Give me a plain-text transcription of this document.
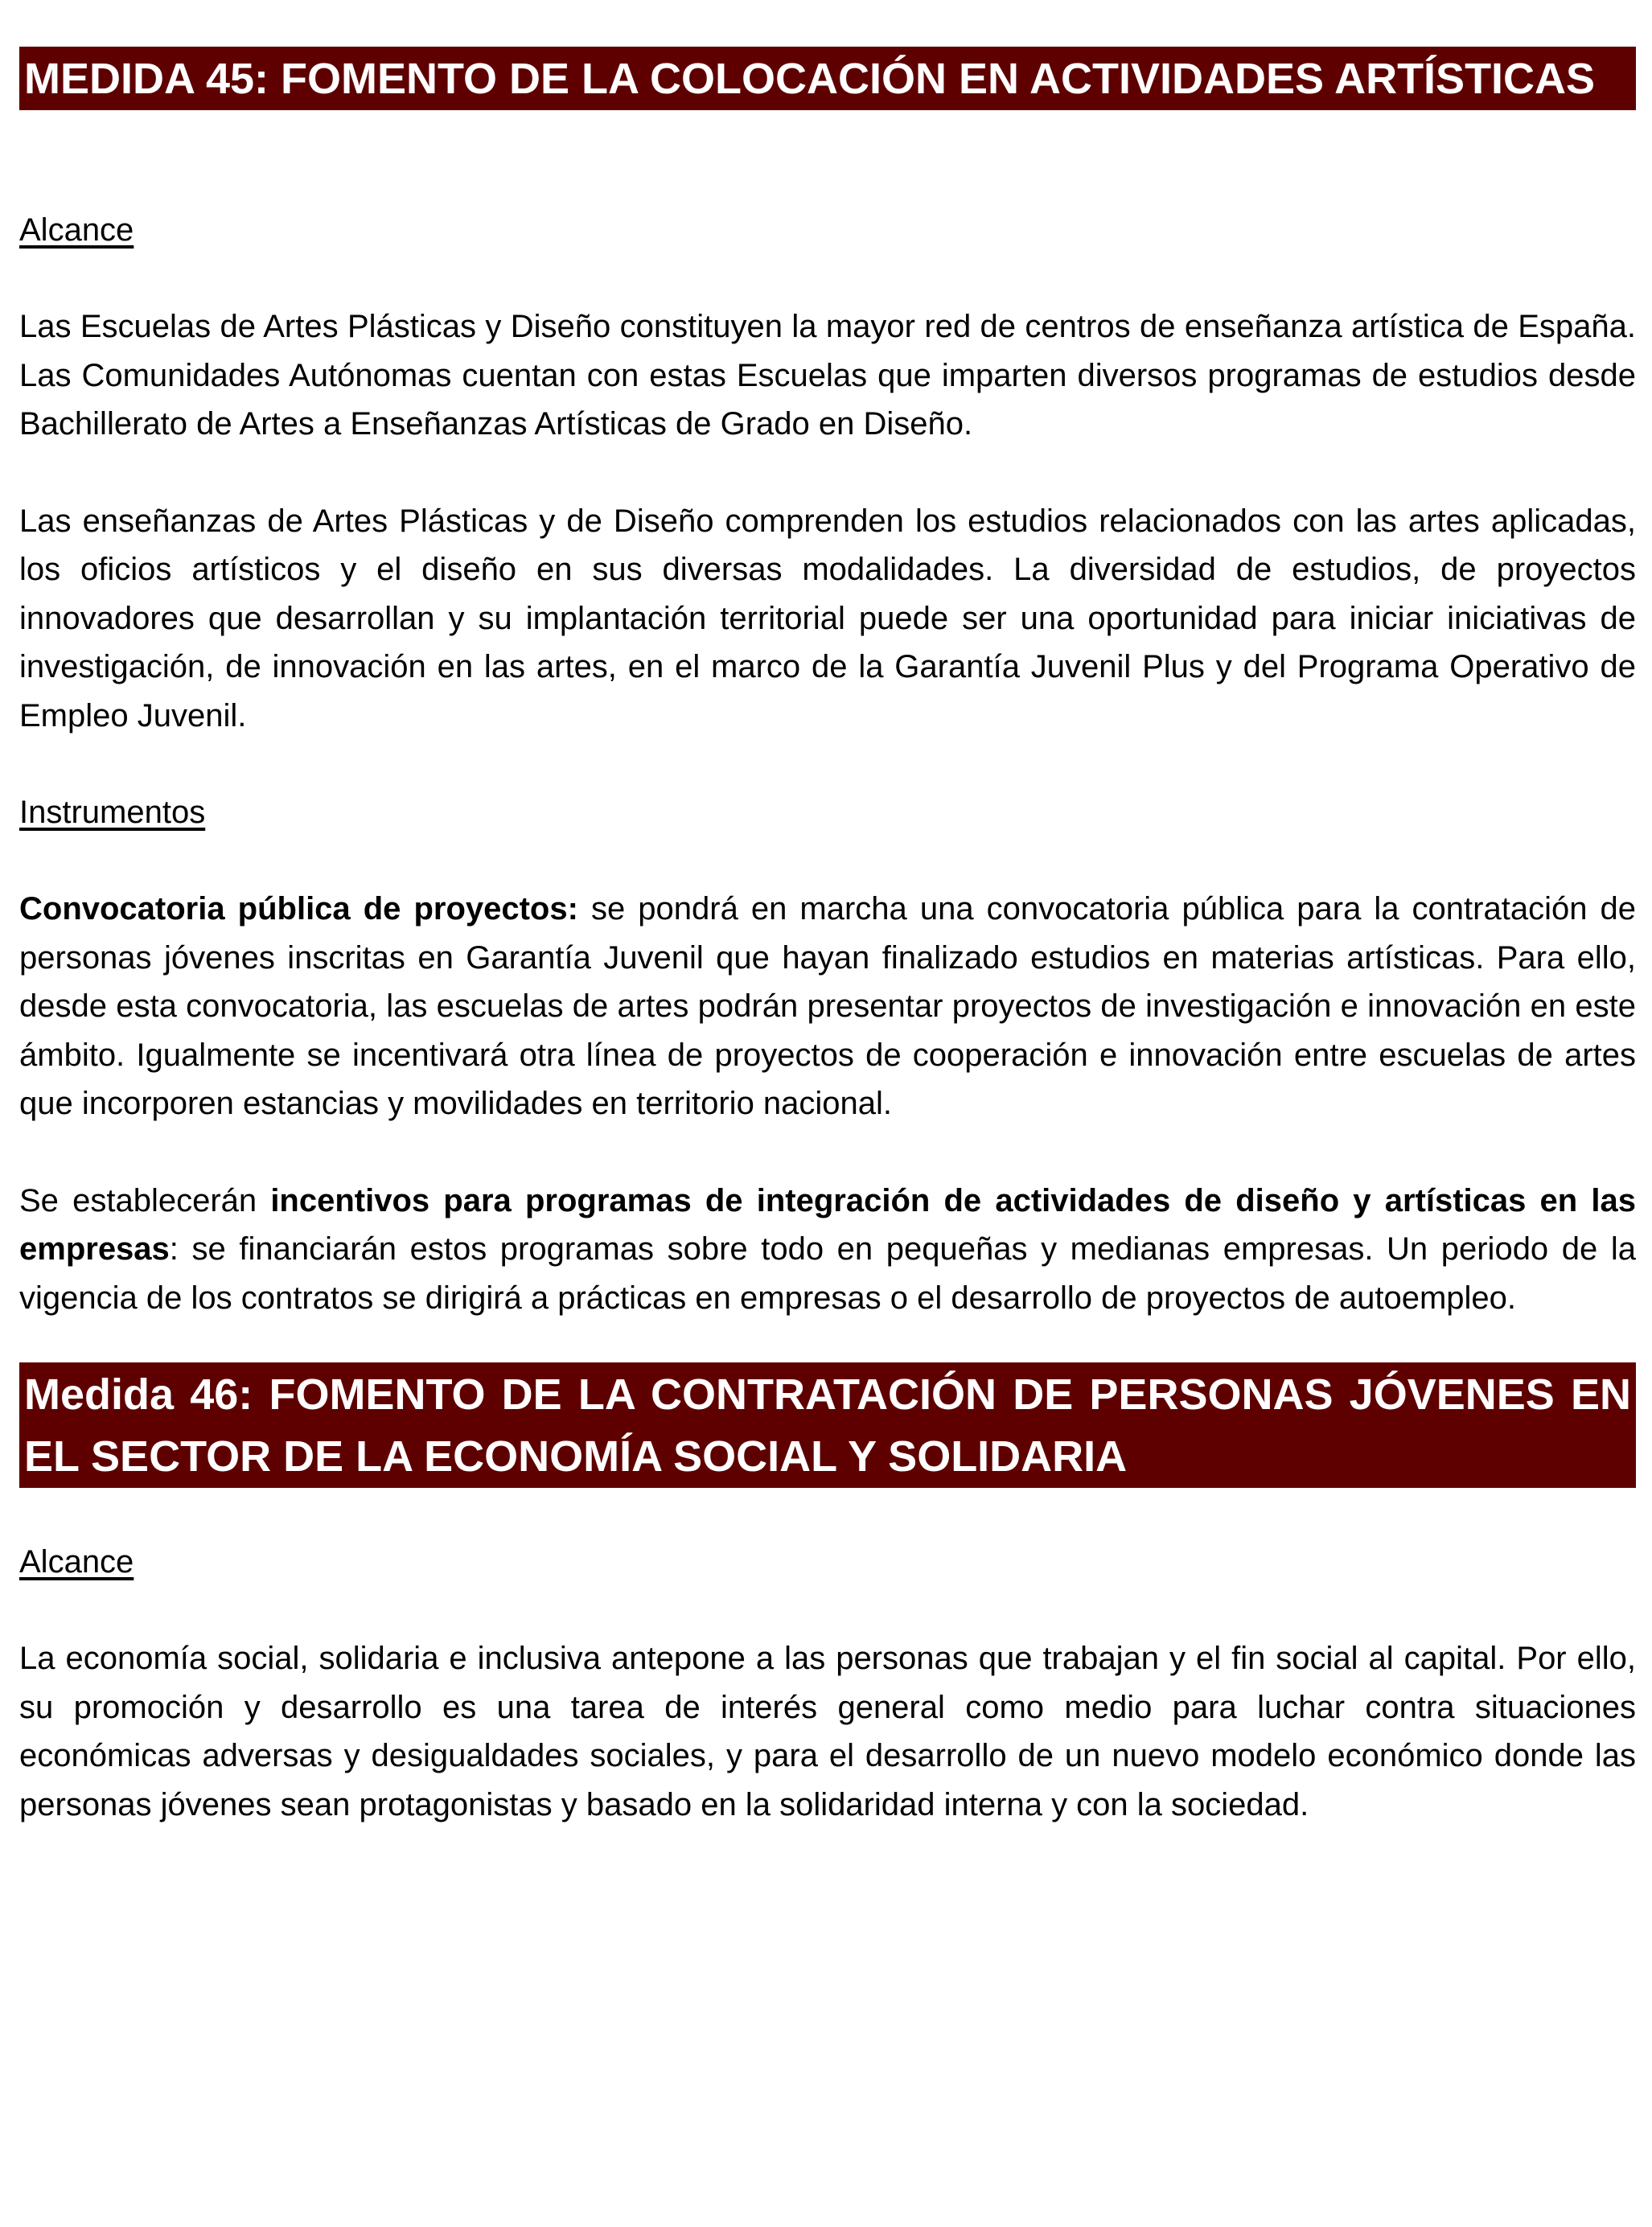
MEDIDA 45: FOMENTO DE LA COLOCACIÓN EN ACTIVIDADES ARTÍSTICAS

Alcance

Las Escuelas de Artes Plásticas y Diseño constituyen la mayor red de centros de enseñanza artística de España. Las Comunidades Autónomas cuentan con estas Escuelas que imparten diversos programas de estudios desde Bachillerato de Artes a Enseñanzas Artísticas de Grado en Diseño.

Las enseñanzas de Artes Plásticas y de Diseño comprenden los estudios relacionados con las artes aplicadas, los oficios artísticos y el diseño en sus diversas modalidades. La diversidad de estudios, de proyectos innovadores que desarrollan y su implantación territorial puede ser una oportunidad para iniciar iniciativas de investigación, de innovación en las artes, en el marco de la Garantía Juvenil Plus y del Programa Operativo de Empleo Juvenil.

Instrumentos

Convocatoria pública de proyectos: se pondrá en marcha una convocatoria pública para la contratación de personas jóvenes inscritas en Garantía Juvenil que hayan finalizado estudios en materias artísticas. Para ello, desde esta convocatoria, las escuelas de artes podrán presentar proyectos de investigación e innovación en este ámbito. Igualmente se incentivará otra línea de proyectos de cooperación e innovación entre escuelas de artes que incorporen estancias y movilidades en territorio nacional.

Se establecerán incentivos para programas de integración de actividades de diseño y artísticas en las empresas: se financiarán estos programas sobre todo en pequeñas y medianas empresas. Un periodo de la vigencia de los contratos se dirigirá a prácticas en empresas o el desarrollo de proyectos de autoempleo.

Medida 46: FOMENTO DE LA CONTRATACIÓN DE PERSONAS JÓVENES EN EL SECTOR DE LA ECONOMÍA SOCIAL Y SOLIDARIA

Alcance

La economía social, solidaria e inclusiva antepone a las personas que trabajan y el fin social al capital. Por ello, su promoción y desarrollo es una tarea de interés general como medio para luchar contra situaciones económicas adversas y desigualdades sociales, y para el desarrollo de un nuevo modelo económico donde las personas jóvenes sean protagonistas y basado en la solidaridad interna y con la sociedad.
